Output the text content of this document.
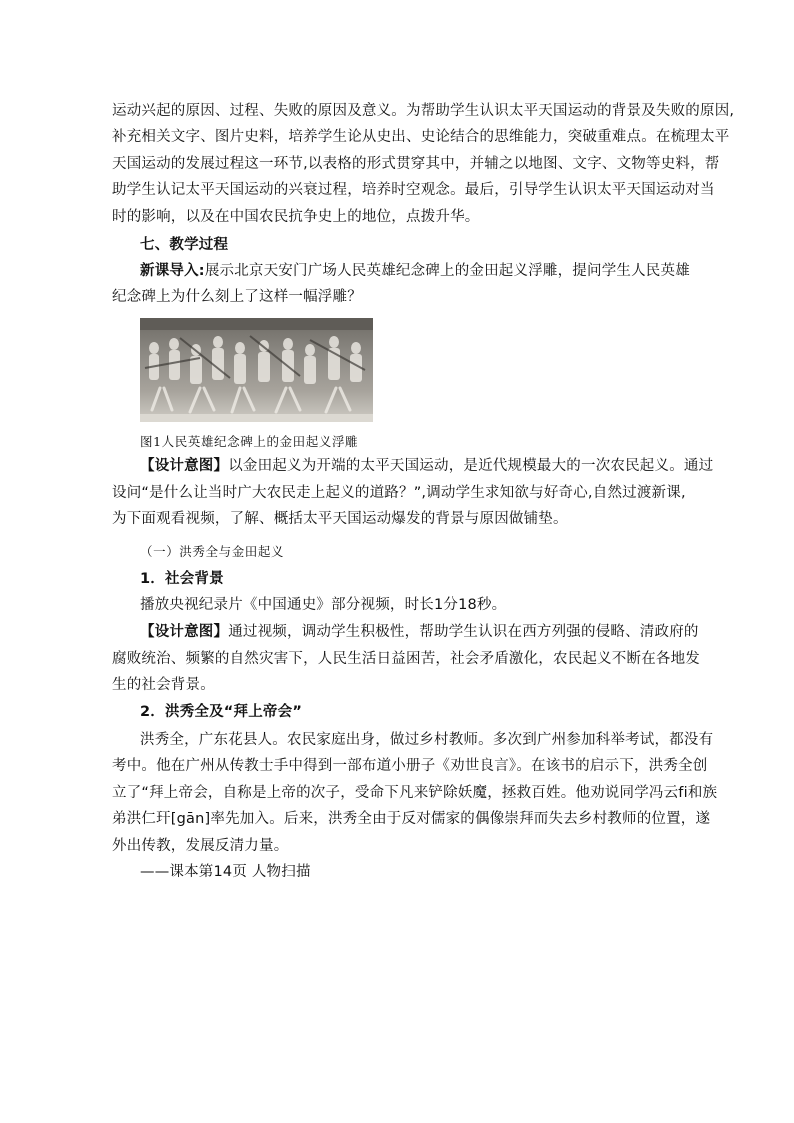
运动兴起的原因、过程、失败的原因及意义。为帮助学生认识太平天国运动的背景及失败的原因,
补充相关文字、图片史料，培养学生论从史出、史论结合的思维能力，突破重难点。在梳理太平
天国运动的发展过程这一环节,以表格的形式贯穿其中，并辅之以地图、文字、文物等史料，帮
助学生认记太平天国运动的兴衰过程，培养时空观念。最后，引导学生认识太平天国运动对当
时的影响，以及在中国农民抗争史上的地位，点拨升华。
七、教学过程
新课导入:展示北京天安门广场人民英雄纪念碑上的金田起义浮雕，提问学生人民英雄
纪念碑上为什么刻上了这样一幅浮雕？
图1人民英雄纪念碑上的金田起义浮雕
【设计意图】以金田起义为开端的太平天国运动，是近代规模最大的一次农民起义。通过
设问“是什么让当时广大农民走上起义的道路？”,调动学生求知欲与好奇心,自然过渡新课,
为下面观看视频，了解、概括太平天国运动爆发的背景与原因做铺垫。
（一）洪秀全与金田起义
1．社会背景
播放央视纪录片《中国通史》部分视频，时长1分18秒。
【设计意图】通过视频，调动学生积极性，帮助学生认识在西方列强的侵略、清政府的
腐败统治、频繁的自然灾害下，人民生活日益困苦，社会矛盾激化，农民起义不断在各地发
生的社会背景。
2．洪秀全及“拜上帝会”
洪秀全，广东花县人。农民家庭出身，做过乡村教师。多次到广州参加科举考试，都没有
考中。他在广州从传教士手中得到一部布道小册子《劝世良言》。在该书的启示下，洪秀全创
立了“拜上帝会，自称是上帝的次子，受命下凡来铲除妖魔，拯救百姓。他劝说同学冯云fi和族
弟洪仁玕[gān]率先加入。后来，洪秀全由于反对儒家的偶像崇拜而失去乡村教师的位置，遂
外出传教，发展反清力量。
——课本第14页 人物扫描
